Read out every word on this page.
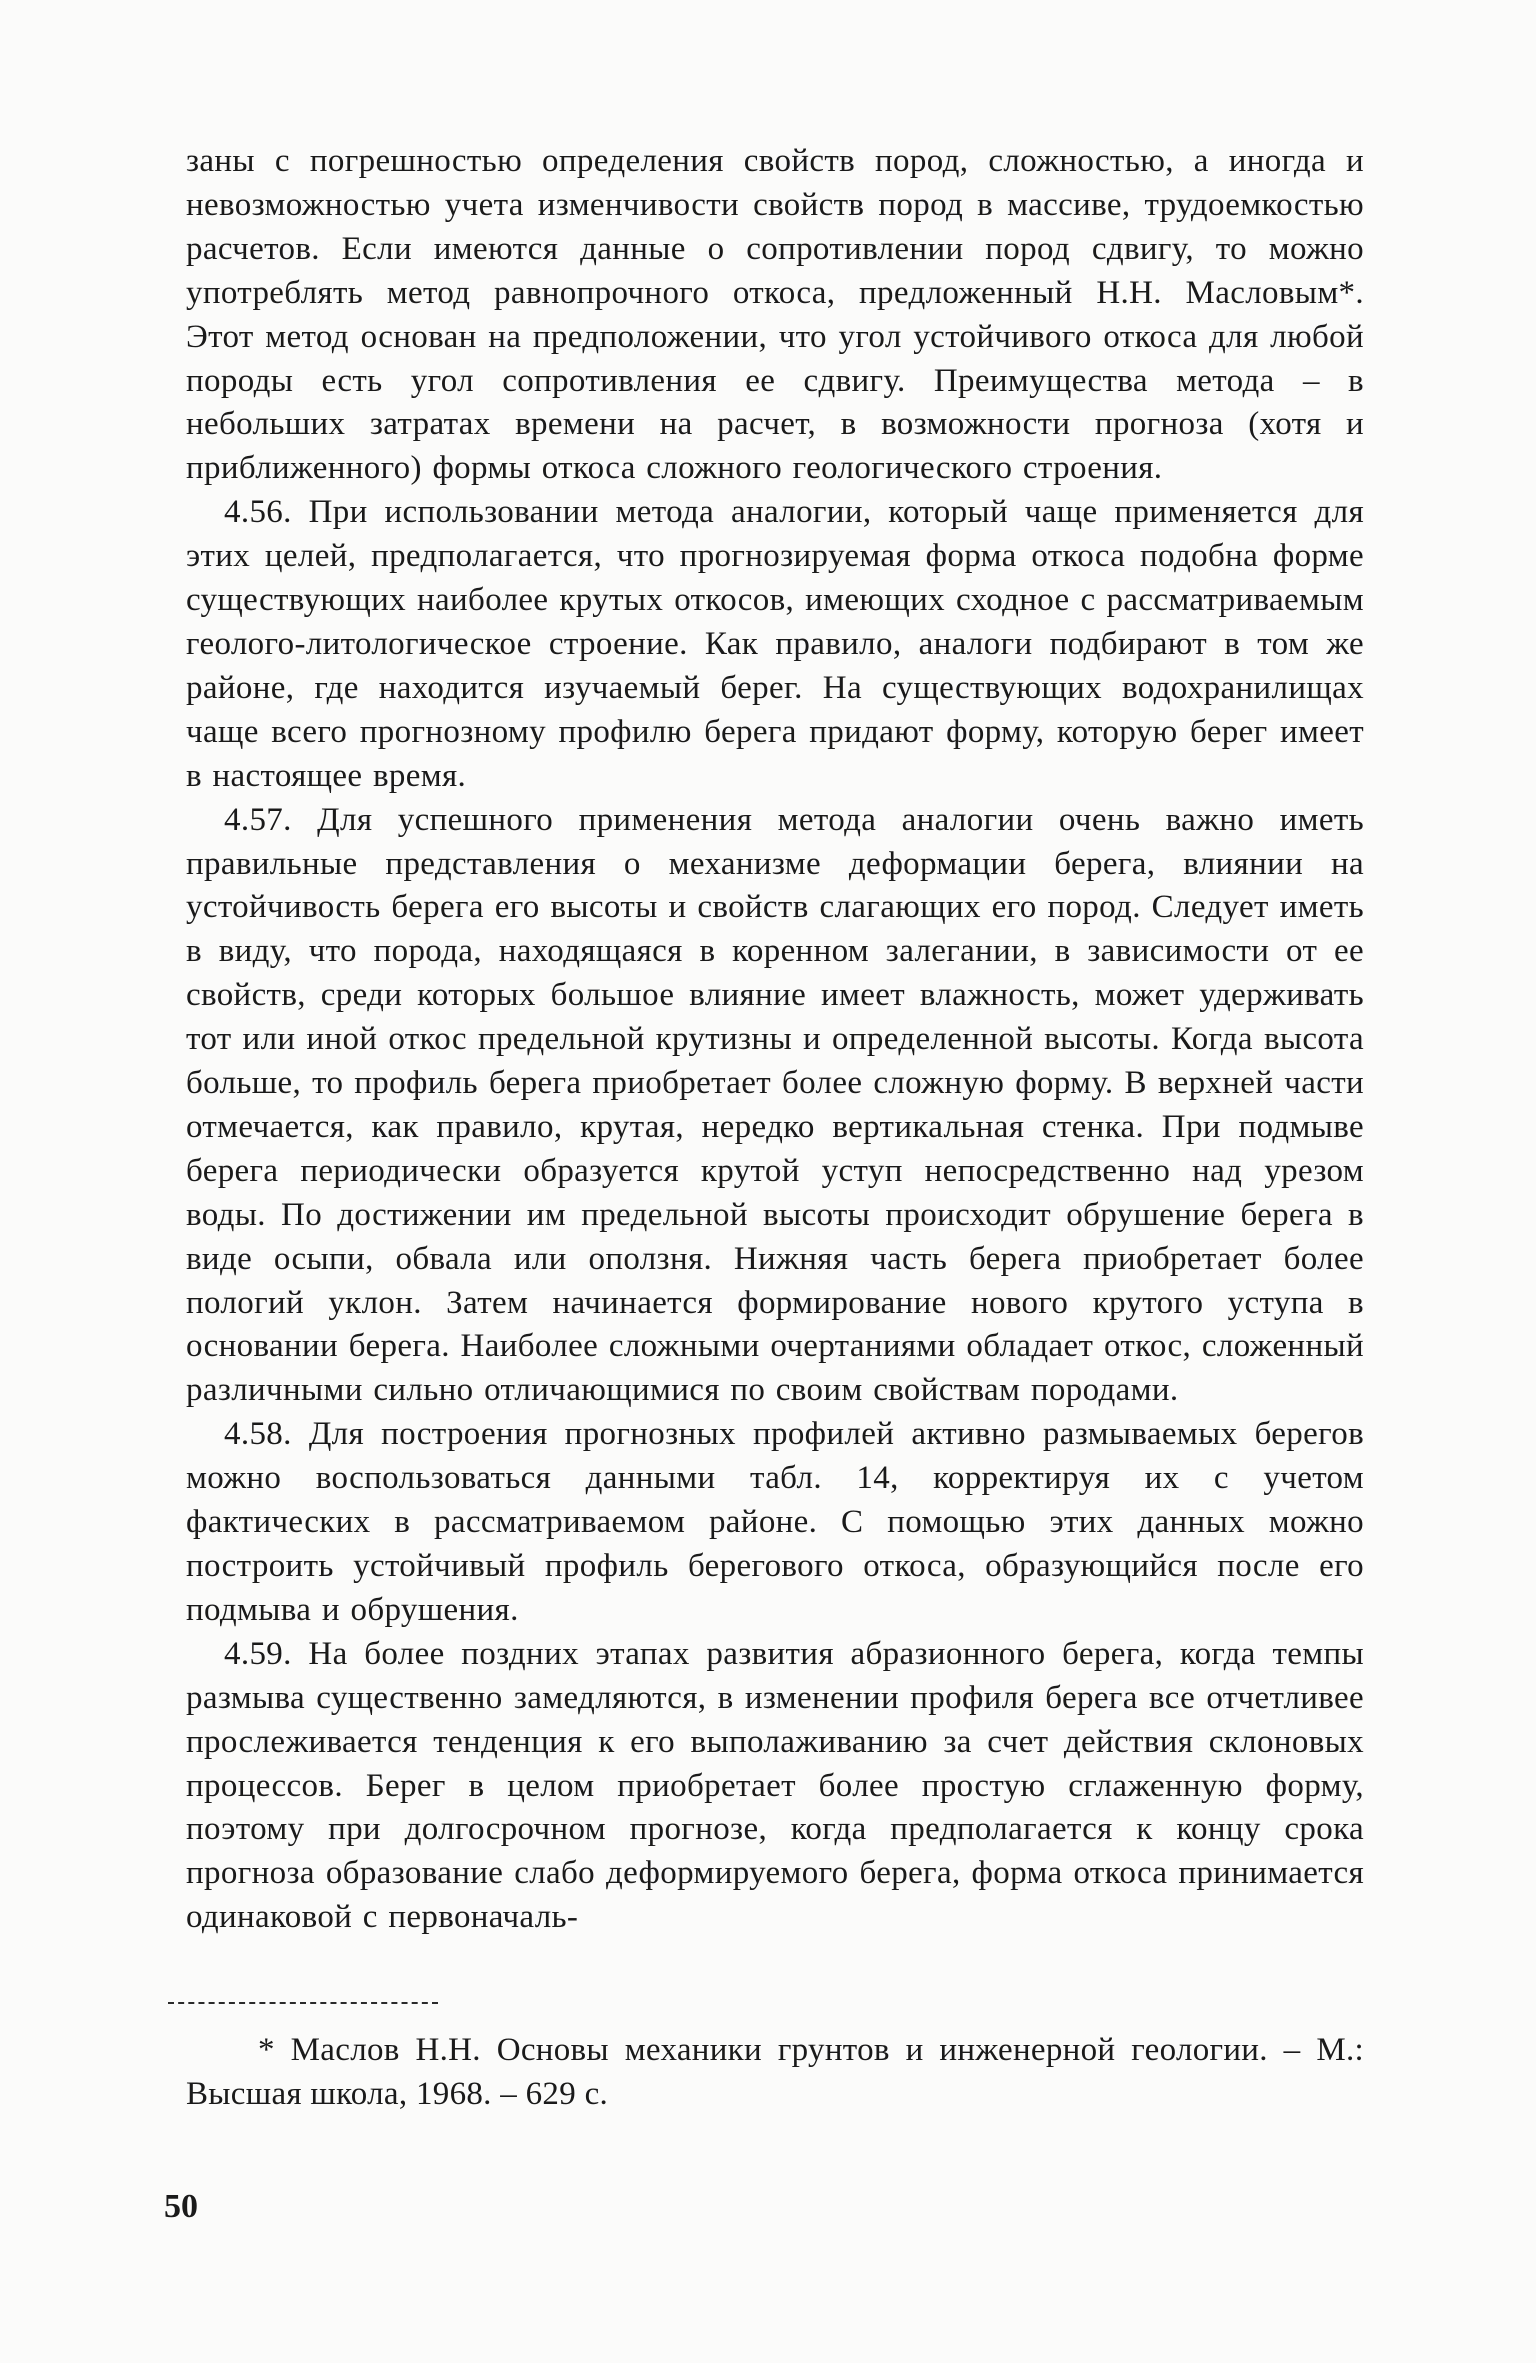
заны с погрешностью определения свойств пород, сложностью, а иногда и невозможностью учета изменчивости свойств пород в массиве, трудоемкостью расчетов. Если имеются данные о сопротивлении пород сдвигу, то можно употреблять метод равнопрочного откоса, предложенный Н.Н. Масловым*. Этот метод основан на предположении, что угол устойчивого откоса для любой породы есть угол сопротивления ее сдвигу. Преимущества метода – в небольших затратах времени на расчет, в возможности прогноза (хотя и приближенного) формы откоса сложного геологического строения.

4.56. При использовании метода аналогии, который чаще применяется для этих целей, предполагается, что прогнозируемая форма откоса подобна форме существующих наиболее крутых откосов, имеющих сходное с рассматриваемым геолого-литологическое строение. Как правило, аналоги подбирают в том же районе, где находится изучаемый берег. На существующих водохранилищах чаще всего прогнозному профилю берега придают форму, которую берег имеет в настоящее время.

4.57. Для успешного применения метода аналогии очень важно иметь правильные представления о механизме деформации берега, влиянии на устойчивость берега его высоты и свойств слагающих его пород. Следует иметь в виду, что порода, находящаяся в коренном залегании, в зависимости от ее свойств, среди которых большое влияние имеет влажность, может удерживать тот или иной откос предельной крутизны и определенной высоты. Когда высота больше, то профиль берега приобретает более сложную форму. В верхней части отмечается, как правило, крутая, нередко вертикальная стенка. При подмыве берега периодически образуется крутой уступ непосредственно над урезом воды. По достижении им предельной высоты происходит обрушение берега в виде осыпи, обвала или оползня. Нижняя часть берега приобретает более пологий уклон. Затем начинается формирование нового крутого уступа в основании берега. Наиболее сложными очертаниями обладает откос, сложенный различными сильно отличающимися по своим свойствам породами.

4.58. Для построения прогнозных профилей активно размываемых берегов можно воспользоваться данными табл. 14, корректируя их с учетом фактических в рассматриваемом районе. С помощью этих данных можно построить устойчивый профиль берегового откоса, образующийся после его подмыва и обрушения.

4.59. На более поздних этапах развития абразионного берега, когда темпы размыва существенно замедляются, в изменении профиля берега все отчетливее прослеживается тенденция к его выполаживанию за счет действия склоновых процессов. Берег в целом приобретает более простую сглаженную форму, поэтому при долгосрочном прогнозе, когда предполагается к концу срока прогноза образование слабо деформируемого берега, форма откоса принимается одинаковой с первоначаль-

* Маслов Н.Н. Основы механики грунтов и инженерной геологии. – М.: Высшая школа, 1968. – 629 с.

50
